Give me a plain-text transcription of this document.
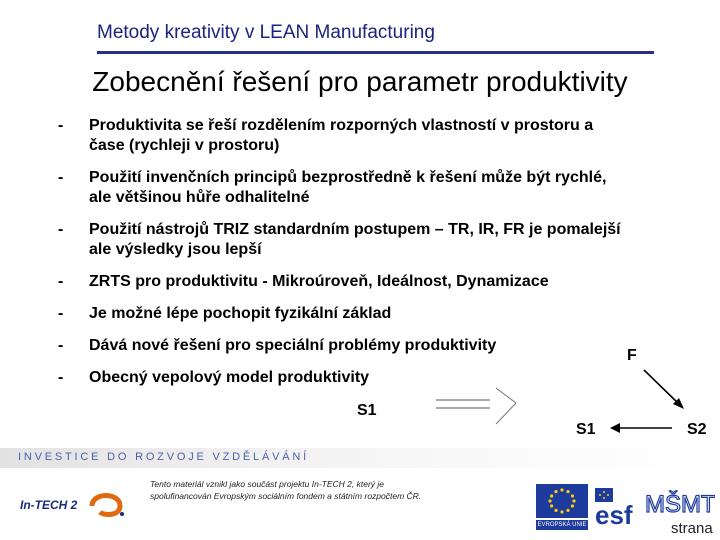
Metody kreativity v LEAN Manufacturing
Zobecnění řešení pro parametr produktivity
-	Produktivita se řeší rozdělením rozporných vlastností v prostoru a
čase (rychleji v prostoru)
-	Použití invenčních principů bezprostředně k řešení může být rychlé,
ale většinou hůře odhalitelné
-	Použití nástrojů TRIZ standardním postupem – TR, IR, FR je pomalejší
ale výsledky jsou lepší
-	ZRTS pro produktivitu - Mikroúroveň, Ideálnost, Dynamizace
-	Je možné lépe pochopit fyzikální základ
-	Dává nové řešení pro speciální problémy produktivity
-	Obecný vepolový model produktivity
S1
F
S1	S2
INVESTICE DO ROZVOJE VZDĚLÁVÁNÍ
In-TECH 2
Tento materiál vznikl jako součást projektu In-TECH 2, který je
spolufinancován Evropským sociálním fondem a státním rozpočtem ČR.
EVROPSKÁ UNIE esf MŠMT
strana
